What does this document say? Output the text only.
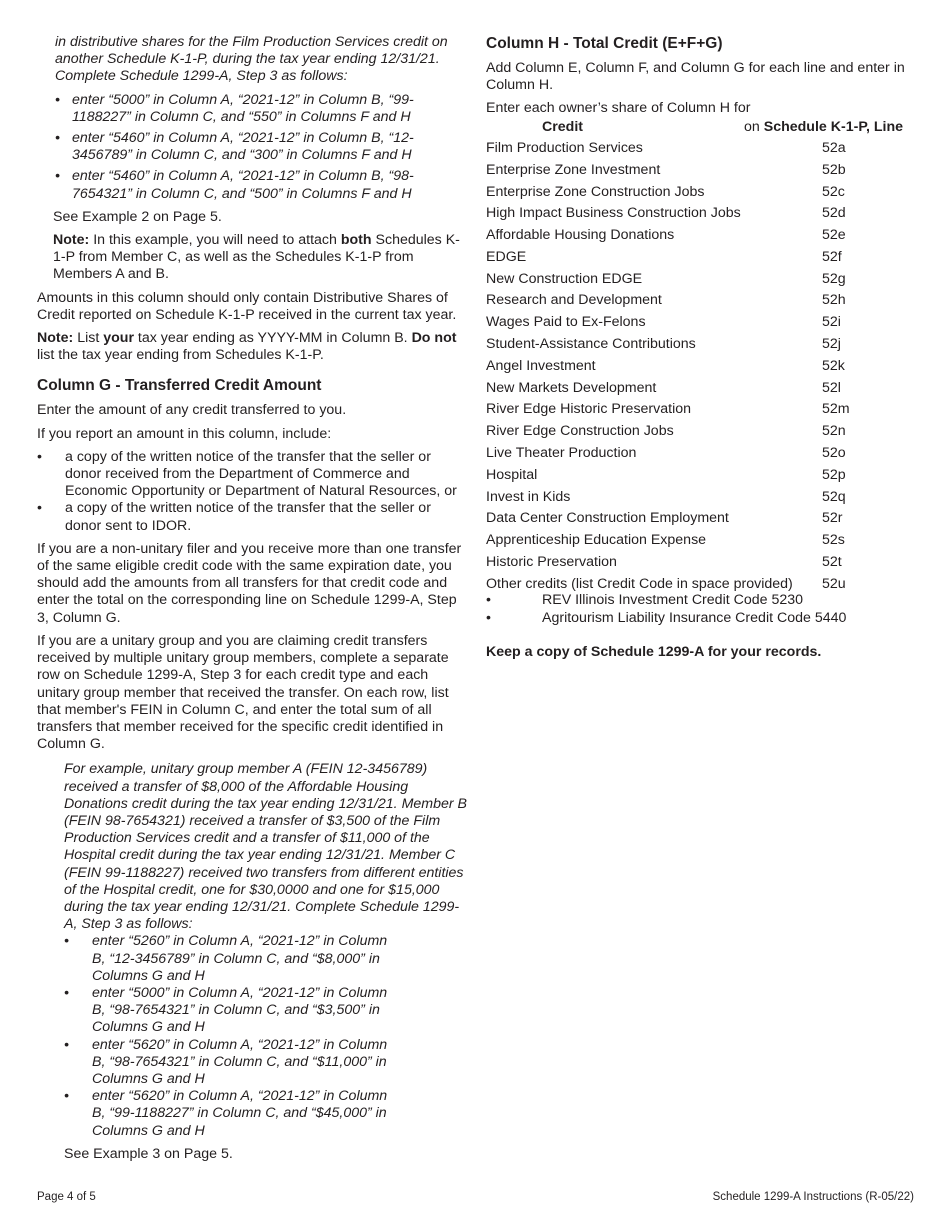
in distributive shares for the Film Production Services credit on another Schedule K-1-P, during the tax year ending 12/31/21. Complete Schedule 1299-A, Step 3 as follows:

• enter “5000” in Column A, “2021-12” in Column B, “99-1188227” in Column C, and “550” in Columns F and H
• enter “5460” in Column A, “2021-12” in Column B, “12-3456789” in Column C, and “300” in Columns F and H
• enter “5460” in Column A, “2021-12” in Column B, “98-7654321” in Column C, and “500” in Columns F and H

See Example 2 on Page 5.

Note: In this example, you will need to attach both Schedules K-1-P from Member C, as well as the Schedules K-1-P from Members A and B.

Amounts in this column should only contain Distributive Shares of Credit reported on Schedule K-1-P received in the current tax year.

Note: List your tax year ending as YYYY-MM in Column B. Do not list the tax year ending from Schedules K-1-P.

Column G - Transferred Credit Amount

Enter the amount of any credit transferred to you.

If you report an amount in this column, include:

• a copy of the written notice of the transfer that the seller or donor received from the Department of Commerce and Economic Opportunity or Department of Natural Resources, or
• a copy of the written notice of the transfer that the seller or donor sent to IDOR.

If you are a non-unitary filer and you receive more than one transfer of the same eligible credit code with the same expiration date, you should add the amounts from all transfers for that credit code and enter the total on the corresponding line on Schedule 1299-A, Step 3, Column G.

If you are a unitary group and you are claiming credit transfers received by multiple unitary group members, complete a separate row on Schedule 1299-A, Step 3 for each credit type and each unitary group member that received the transfer. On each row, list that member's FEIN in Column C, and enter the total sum of all transfers that member received for the specific credit identified in Column G.

For example, unitary group member A (FEIN 12-3456789) received a transfer of $8,000 of the Affordable Housing Donations credit during the tax year ending 12/31/21. Member B (FEIN 98-7654321) received a transfer of $3,500 of the Film Production Services credit and a transfer of $11,000 of the Hospital credit during the tax year ending 12/31/21. Member C (FEIN 99-1188227) received two transfers from different entities of the Hospital credit, one for $30,0000 and one for $15,000 during the tax year ending 12/31/21. Complete Schedule 1299-A, Step 3 as follows:

• enter “5260” in Column A, “2021-12” in Column B, “12-3456789” in Column C, and “$8,000” in Columns G and H
• enter “5000” in Column A, “2021-12” in Column B, “98-7654321” in Column C, and “$3,500” in Columns G and H
• enter “5620” in Column A, “2021-12” in Column B, “98-7654321” in Column C, and “$11,000” in Columns G and H
• enter “5620” in Column A, “2021-12” in Column B, “99-1188227” in Column C, and “$45,000” in Columns G and H

See Example 3 on Page 5.

Column H - Total Credit (E+F+G)

Add Column E, Column F, and Column G for each line and enter in Column H.

Enter each owner’s share of Column H for

Credit	on Schedule K-1-P, Line
Film Production Services	52a
Enterprise Zone Investment	52b
Enterprise Zone Construction Jobs	52c
High Impact Business Construction Jobs	52d
Affordable Housing Donations	52e
EDGE	52f
New Construction EDGE	52g
Research and Development	52h
Wages Paid to Ex-Felons	52i
Student-Assistance Contributions	52j
Angel Investment	52k
New Markets Development	52l
River Edge Historic Preservation	52m
River Edge Construction Jobs	52n
Live Theater Production	52o
Hospital	52p
Invest in Kids	52q
Data Center Construction Employment	52r
Apprenticeship Education Expense	52s
Historic Preservation	52t
Other credits (list Credit Code in space provided)	52u
•	REV Illinois Investment Credit Code 5230
•	Agritourism Liability Insurance Credit Code 5440

Keep a copy of Schedule 1299-A for your records.

Page 4 of 5	Schedule 1299-A Instructions (R-05/22)
